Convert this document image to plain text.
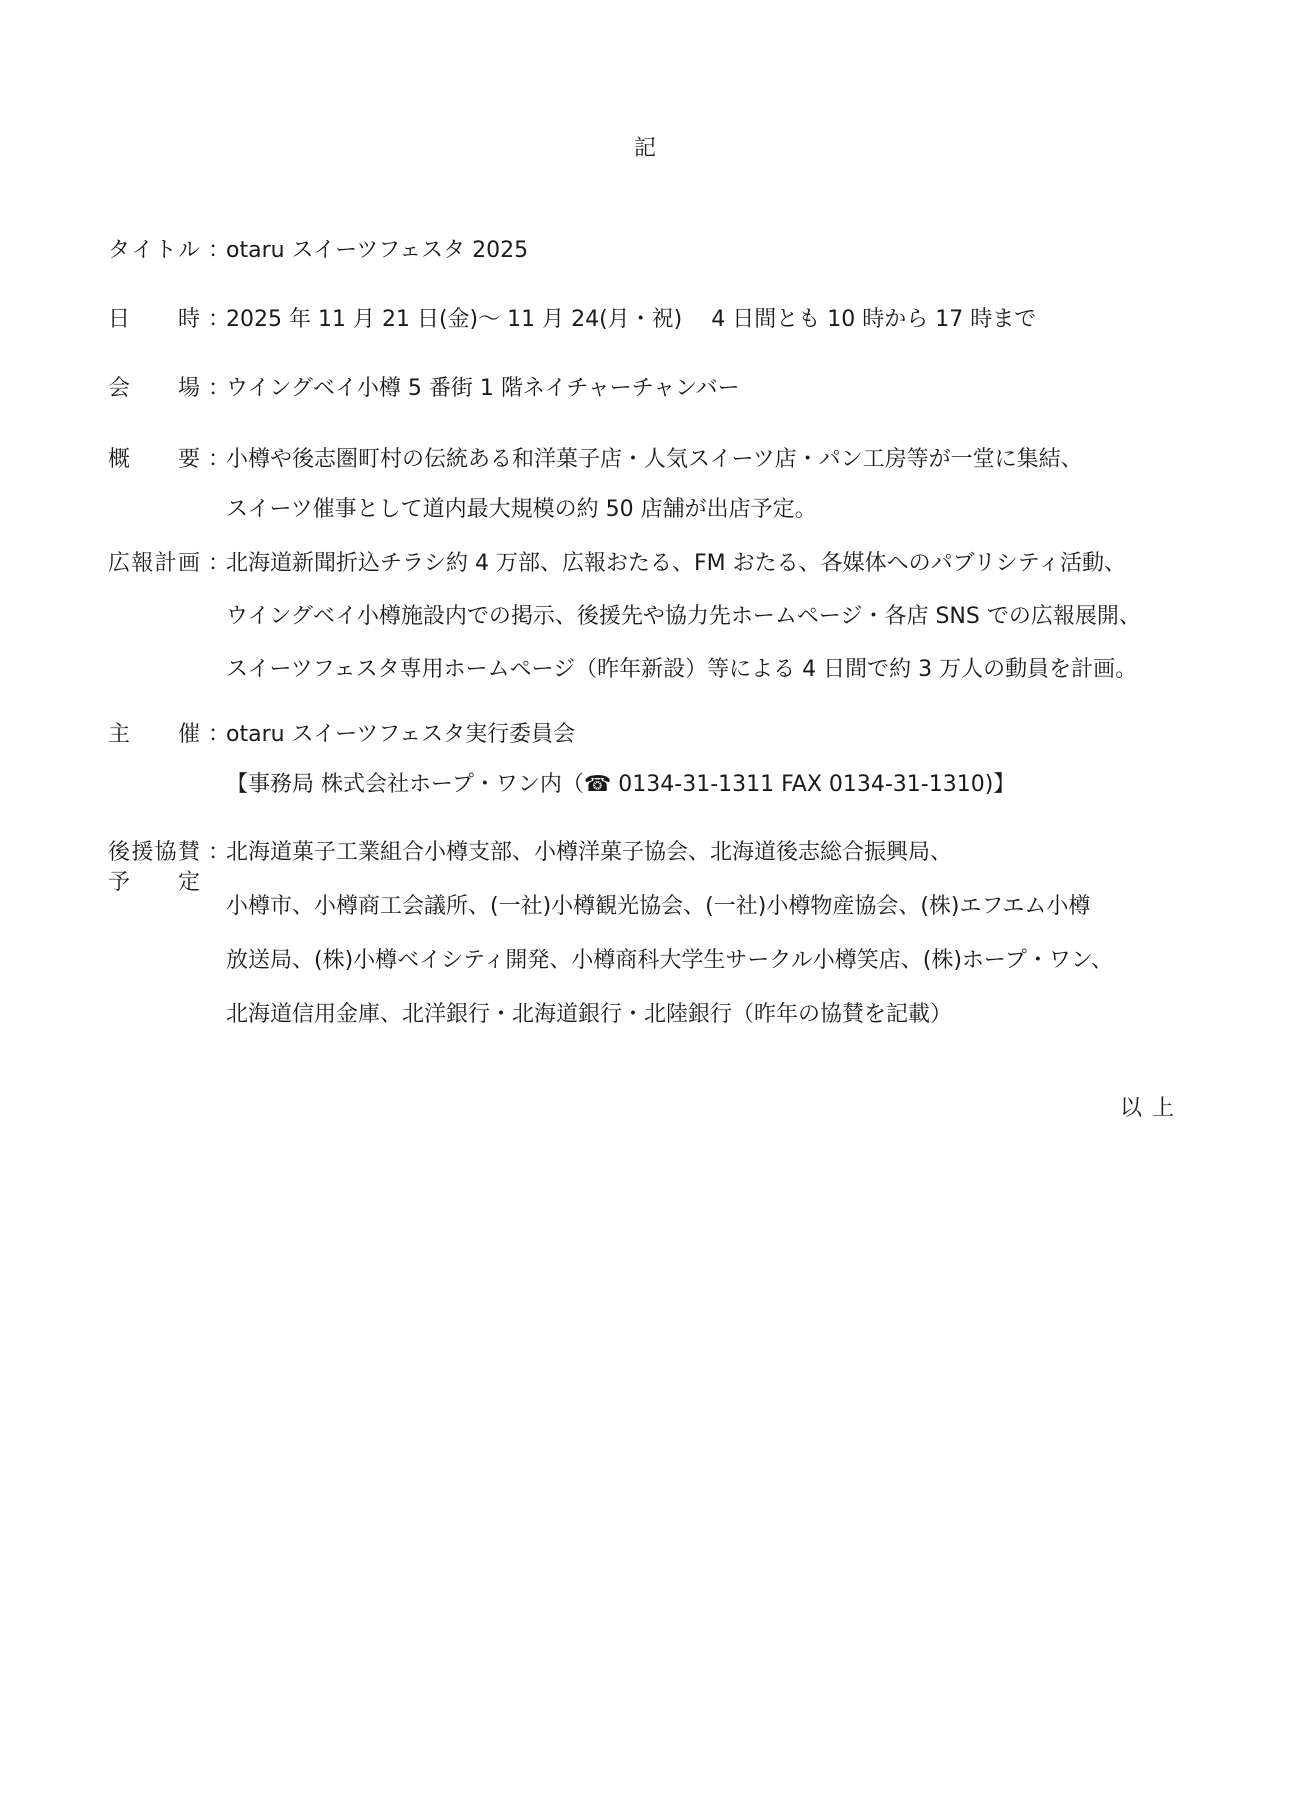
記
タ イ ト ル ：
otaru スイーツフェスタ 2025
日 時 ：
2025 年 11 月 21 日(金)～ 11 月 24(月・祝)　 4 日間とも 10 時から 17 時まで
会 場 ：
ウイングベイ小樽 5 番街 1 階ネイチャーチャンバー
概 要 ：
小樽や後志圏町村の伝統ある和洋菓子店・人気スイーツ店・パン工房等が一堂に集結、
スイーツ催事として道内最大規模の約 50 店舗が出店予定。
広 報 計 画 ：
北海道新聞折込チラシ約 4 万部、広報おたる、FM おたる、各媒体へのパブリシティ活動、
ウイングベイ小樽施設内での掲示、後援先や協力先ホームページ・各店 SNS での広報展開、
スイーツフェスタ専用ホームページ（昨年新設）等による 4 日間で約 3 万人の動員を計画。
主 催 ：
otaru スイーツフェスタ実行委員会
【事務局 株式会社ホープ・ワン内（☎ 0134-31-1311 FAX 0134-31-1310)】
後 援 協 賛
予 定
：
北海道菓子工業組合小樽支部、小樽洋菓子協会、北海道後志総合振興局、
小樽市、小樽商工会議所、(一社)小樽観光協会、(一社)小樽物産協会、(株)エフエム小樽
放送局、(株)小樽ベイシティ開発、小樽商科大学生サークル小樽笑店、(株)ホープ・ワン、
北海道信用金庫、北洋銀行・北海道銀行・北陸銀行（昨年の協賛を記載）
以上
